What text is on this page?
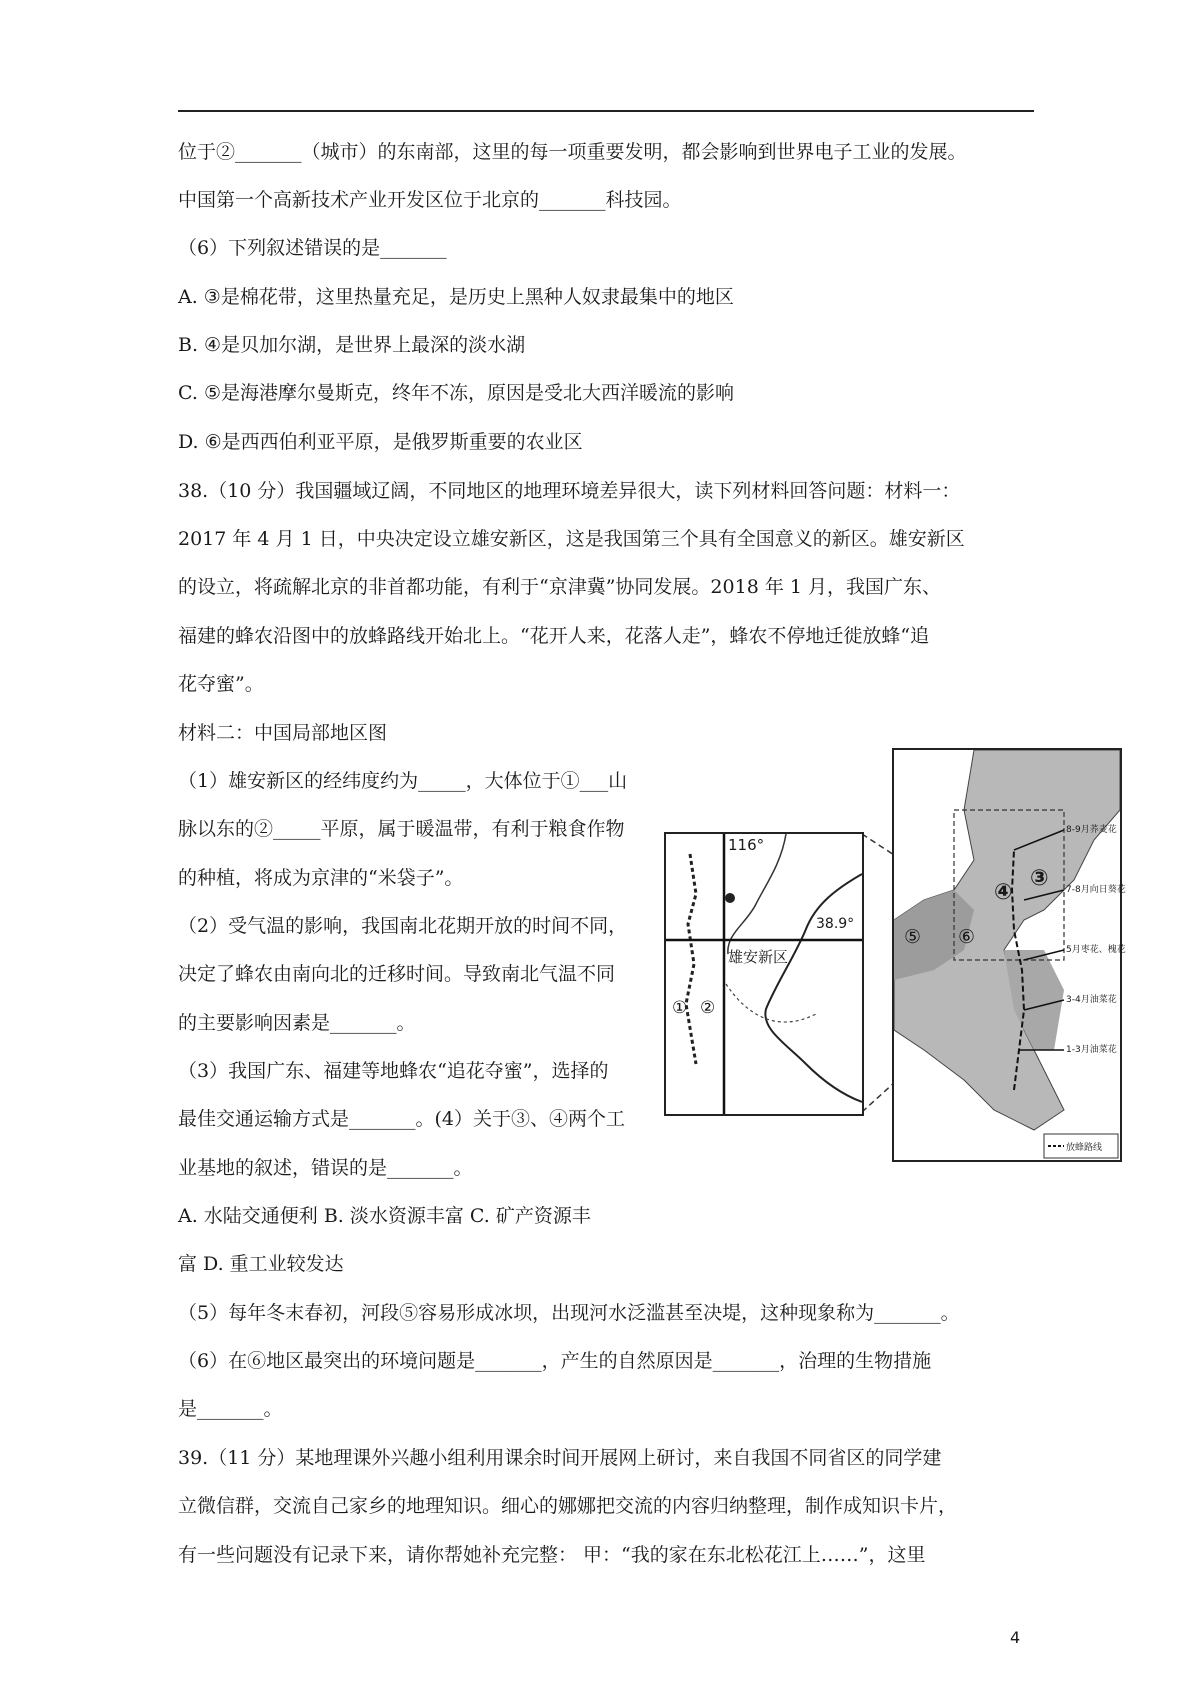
位于②_______（城市）的东南部，这里的每一项重要发明，都会影响到世界电子工业的发展。
中国第一个高新技术产业开发区位于北京的_______科技园。
（6）下列叙述错误的是_______
A. ③是棉花带，这里热量充足，是历史上黑种人奴隶最集中的地区
B. ④是贝加尔湖，是世界上最深的淡水湖
C. ⑤是海港摩尔曼斯克，终年不冻，原因是受北大西洋暖流的影响
D. ⑥是西西伯利亚平原，是俄罗斯重要的农业区
38.（10 分）我国疆域辽阔，不同地区的地理环境差异很大，读下列材料回答问题：材料一：
2017 年 4 月 1 日，中央决定设立雄安新区，这是我国第三个具有全国意义的新区。雄安新区
的设立，将疏解北京的非首都功能，有利于“京津冀”协同发展。2018 年 1 月，我国广东、
福建的蜂农沿图中的放蜂路线开始北上。“花开人来，花落人走”，蜂农不停地迁徙放蜂“追
花夺蜜”。
材料二：中国局部地区图
（1）雄安新区的经纬度约为_____，大体位于①___山
脉以东的②_____平原，属于暖温带，有利于粮食作物
的种植，将成为京津的“米袋子”。
（2）受气温的影响，我国南北花期开放的时间不同，
决定了蜂农由南向北的迁移时间。导致南北气温不同
的主要影响因素是_______。
（3）我国广东、福建等地蜂农“追花夺蜜”，选择的
最佳交通运输方式是_______。(4）关于③、④两个工
业基地的叙述，错误的是_______。
A. 水陆交通便利 B. 淡水资源丰富 C. 矿产资源丰
富 D. 重工业较发达
（5）每年冬末春初，河段⑤容易形成冰坝，出现河水泛滥甚至决堤，这种现象称为_______。
（6）在⑥地区最突出的环境问题是_______，产生的自然原因是_______，治理的生物措施
是_______。
39.（11 分）某地理课外兴趣小组利用课余时间开展网上研讨，来自我国不同省区的同学建
立微信群，交流自己家乡的地理知识。细心的娜娜把交流的内容归纳整理，制作成知识卡片，
有一些问题没有记录下来，请你帮她补充完整： 甲：“我的家在东北松花江上……”，这里
116°
38.9°
雄安新区
① ②
④
③
⑤ ⑥
8-9月荞麦花
7-8月向日葵花
5月枣花、槐花
3-4月油菜花
1-3月油菜花
放蜂路线
4
